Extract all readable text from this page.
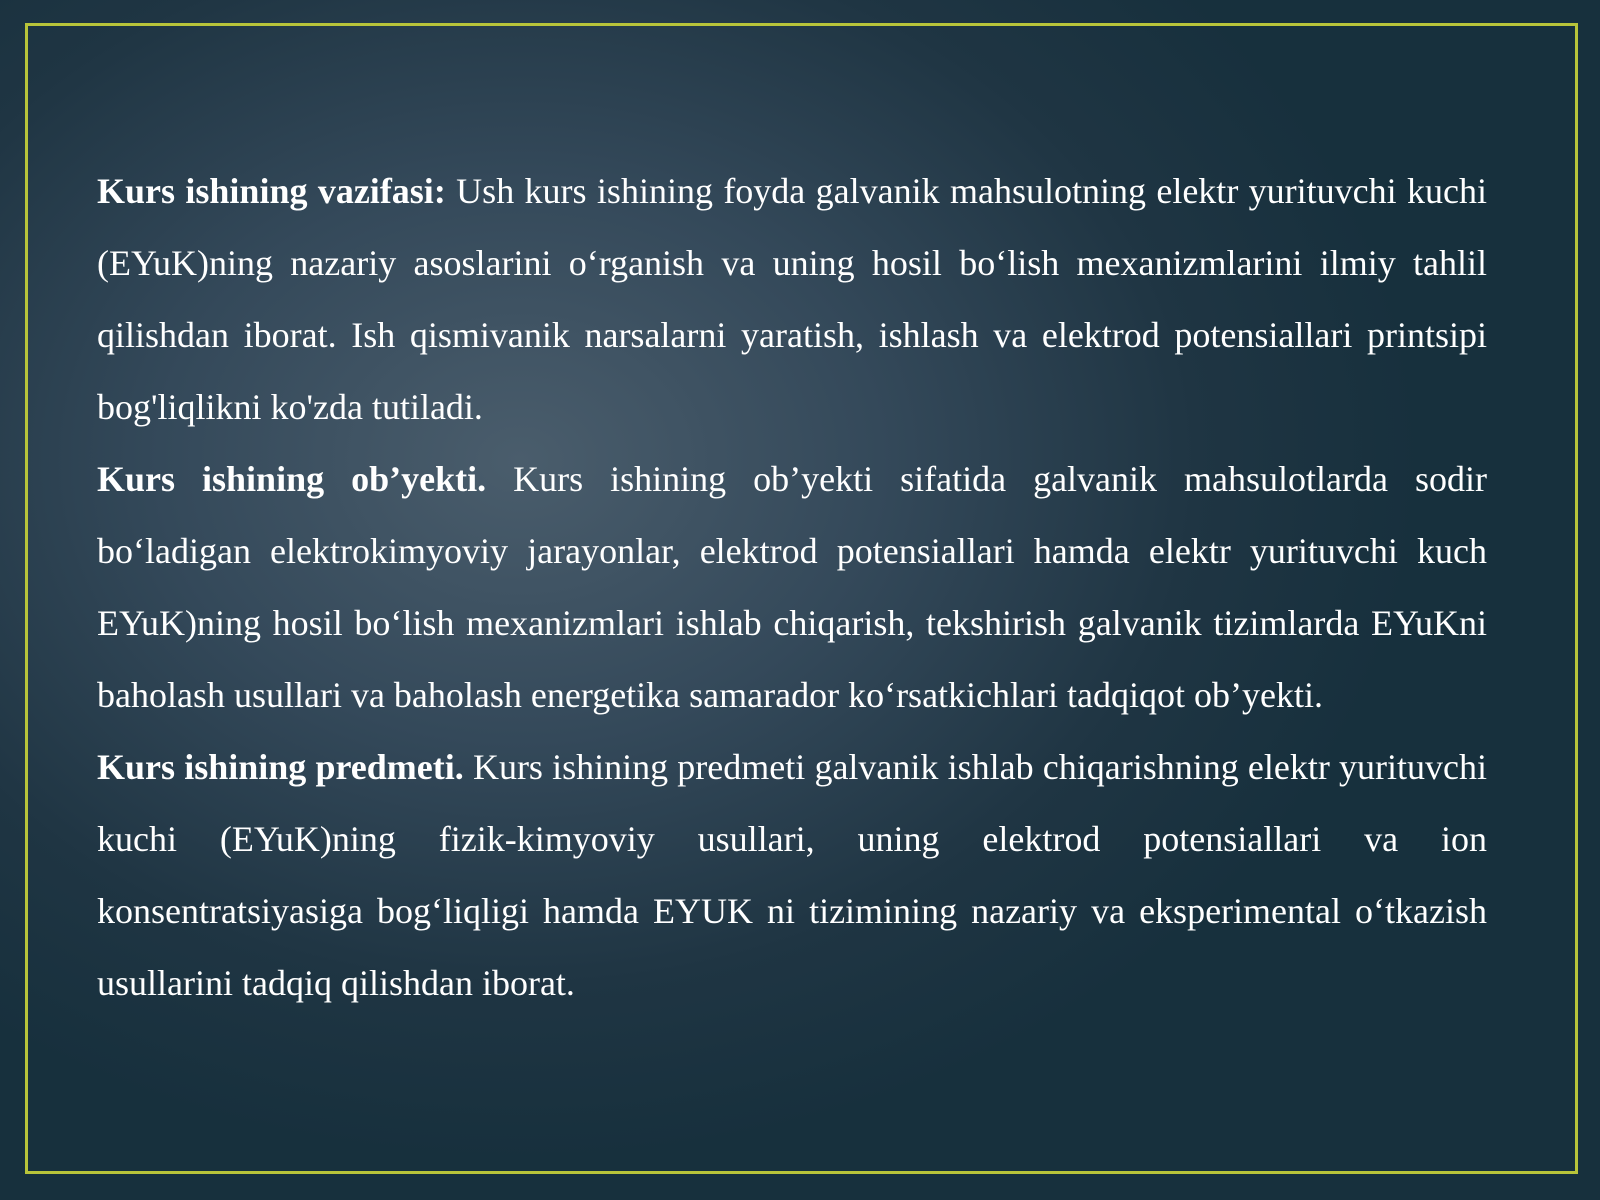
Kurs ishining vazifasi: Ush kurs ishining foyda galvanik mahsulotning elektr yurituvchi kuchi (EYuK)ning nazariy asoslarini o‘rganish va uning hosil bo‘lish mexanizmlarini ilmiy tahlil qilishdan iborat. Ish qismivanik narsalarni yaratish, ishlash va elektrod potensiallari printsipi bog'liqlikni ko'zda tutiladi.

Kurs ishining ob’yekti. Kurs ishining ob’yekti sifatida galvanik mahsulotlarda sodir bo‘ladigan elektrokimyoviy jarayonlar, elektrod potensiallari hamda elektr yurituvchi kuch EYuK)ning hosil bo‘lish mexanizmlari ishlab chiqarish, tekshirish galvanik tizimlarda EYuKni baholash usullari va baholash energetika samarador ko‘rsatkichlari tadqiqot ob’yekti.

Kurs ishining predmeti. Kurs ishining predmeti galvanik ishlab chiqarishning elektr yurituvchi kuchi (EYuK)ning fizik-kimyoviy usullari, uning elektrod potensiallari va ion konsentratsiyasiga bog‘liqligi hamda EYUK ni tizimining nazariy va eksperimental o‘tkazish usullarini tadqiq qilishdan iborat.
